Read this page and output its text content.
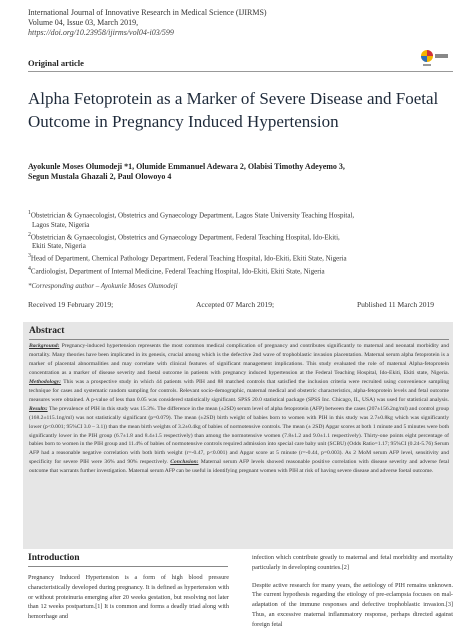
International Journal of Innovative Research in Medical Science (IJIRMS)
Volume 04, Issue 03, March 2019,
https://doi.org/10.23958/ijirms/vol04-i03/599
Original article
Alpha Fetoprotein as a Marker of Severe Disease and Foetal Outcome in Pregnancy Induced Hypertension
Ayokunle Moses Olumodeji *1, Olumide Emmanuel Adewara 2, Olabisi Timothy Adeyemo 3,
Segun Mustala Ghazali 2, Paul Olowoyo 4
$^1$Obstetrician & Gynaecologist, Obstetrics and Gynaecology Department, Lagos State University Teaching Hospital,
Lagos State, Nigeria
$^2$Obstetrician & Gynaecologist, Obstetrics and Gynaecology Department, Federal Teaching Hospital, Ido-Ekiti,
Ekiti State, Nigeria
$^3$Head of Department, Chemical Pathology Department, Federal Teaching Hospital, Ido-Ekiti, Ekiti State, Nigeria
$^4$Cardiologist, Department of Internal Medicine, Federal Teaching Hospital, Ido-Ekiti, Ekiti State, Nigeria
*Corresponding author – Ayokunle Moses Olumodeji
Received 19 February 2019;	Accepted 07 March 2019;	Published 11 March 2019
Abstract
Background: Pregnancy-induced hypertension represents the most common medical complication of pregnancy and contributes significantly to maternal and neonatal morbidity and mortality. Many theories have been implicated in its genesis, crucial among which is the defective 2nd wave of trophoblastic invasion placentation. Maternal serum alpha fetoprotein is a marker of placental abnormalities and may correlate with clinical features of significant management implications. This study evaluated the role of maternal Alpha-fetoprotein concentration as a marker of disease severity and foetal outcome in patients with pregnancy induced hypertension at the Federal Teaching Hospital, Ido-Ekiti, Ekiti state, Nigeria. Methodology: This was a prospective study in which 44 patients with PIH and 88 matched controls that satisfied the inclusion criteria were recruited using convenience sampling technique for cases and systematic random sampling for controls. Relevant socio-demographic, maternal medical and obstetric characteristics, alpha-fetoprotein levels and fetal outcome measures were obtained. A p-value of less than 0.05 was considered statistically significant. SPSS 20.0 statistical package (SPSS Inc. Chicago, IL, USA) was used for statistical analysis. Results: The prevalence of PIH in this study was 15.3%. The difference in the mean (±2SD) serum level of alpha fetoprotein (AFP) between the cases (207±156.2ng/ml) and control group (168.2±115.1ng/ml) was not statistically significant (p=0.079). The mean (±2SD) birth weight of babies born to women with PIH in this study was 2.7±0.8kg which was significantly lower (p<0.001; 95%CI 3.0 – 3.1)) than the mean birth weights of 3.2±0.4kg of babies of normotensive controls. The mean (± 2SD) Apgar scores at both 1 minute and 5 minutes were both significantly lower in the PIH group (6.7±1.8 and 8.4±1.5 respectively) than among the normotensive women (7.8±1.2 and 9.0±1.1 respectively). Thirty-one points eight percentage of babies born to women in the PIH group and 11.4% of babies of normotensive controls required admission into special care baby unit (SCBU) (Odds Ratio=1.17; 95%CI (0.24-5.76) Serum AFP had a reasonable negative correlation with both birth weight (r=-0.47, p<0.001) and Apgar score at 5 minute (r=-0.44, p=0.003). As 2 MoM serum AFP level, sensitivity and specificity for severe PIH were 36% and 90% respectively. Conclusion: Maternal serum AFP levels showed reasonable positive correlation with disease severity and adverse fetal outcome that warrants further investigation. Maternal serum AFP can be useful in identifying pregnant women with PIH at risk of having severe disease and adverse foetal outcome.
Introduction
Pregnancy Induced Hypertension is a form of high blood pressure characteristically developed during pregnancy. It is defined as hypertension with or without proteinuria emerging after 20 weeks gestation, but resolving not later than 12 weeks postpartum.[1] It is common and forms a deadly triad along with hemorrhage and

infection which contribute greatly to maternal and fetal morbidity and mortality particularly in developing countries.[2]

Despite active research for many years, the aetiology of PIH remains unknown. The current hypothesis regarding the etiology of pre-eclampsia focuses on mal-adaptation of the immune responses and defective trophoblastic invasion.[3] Thus, an excessive maternal inflammatory response, perhaps directed against foreign fetal
